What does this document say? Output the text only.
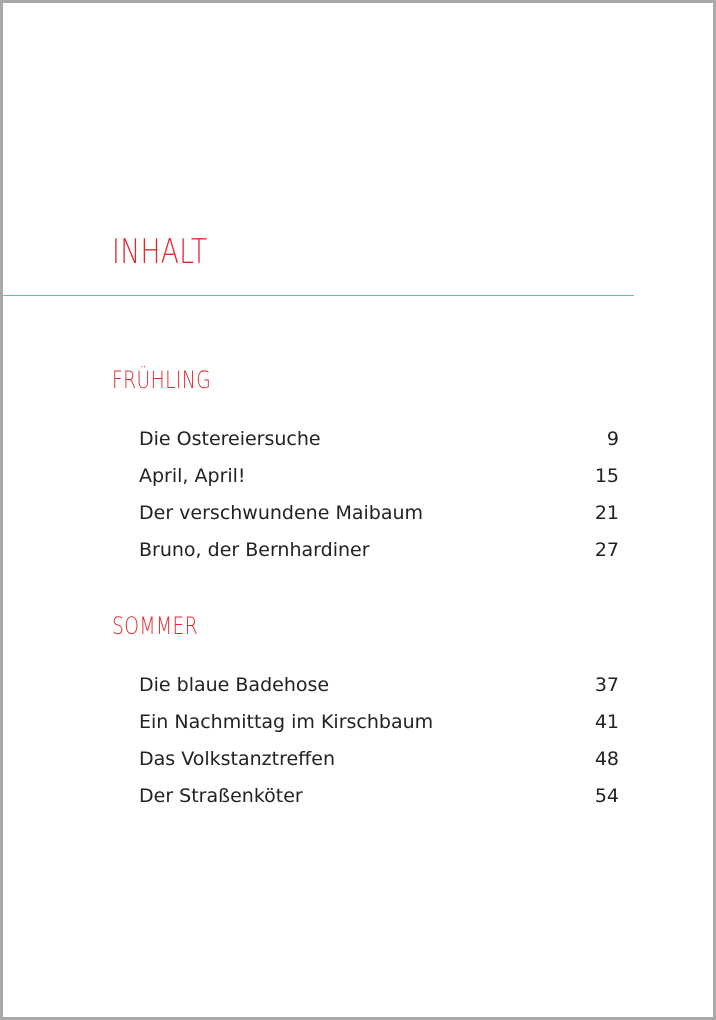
INHALT
FRÜHLING
Die Ostereiersuche	9
April, April!	15
Der verschwundene Maibaum	21
Bruno, der Bernhardiner	27
SOMMER
Die blaue Badehose	37
Ein Nachmittag im Kirschbaum	41
Das Volkstanztreffen	48
Der Straßenköter	54
